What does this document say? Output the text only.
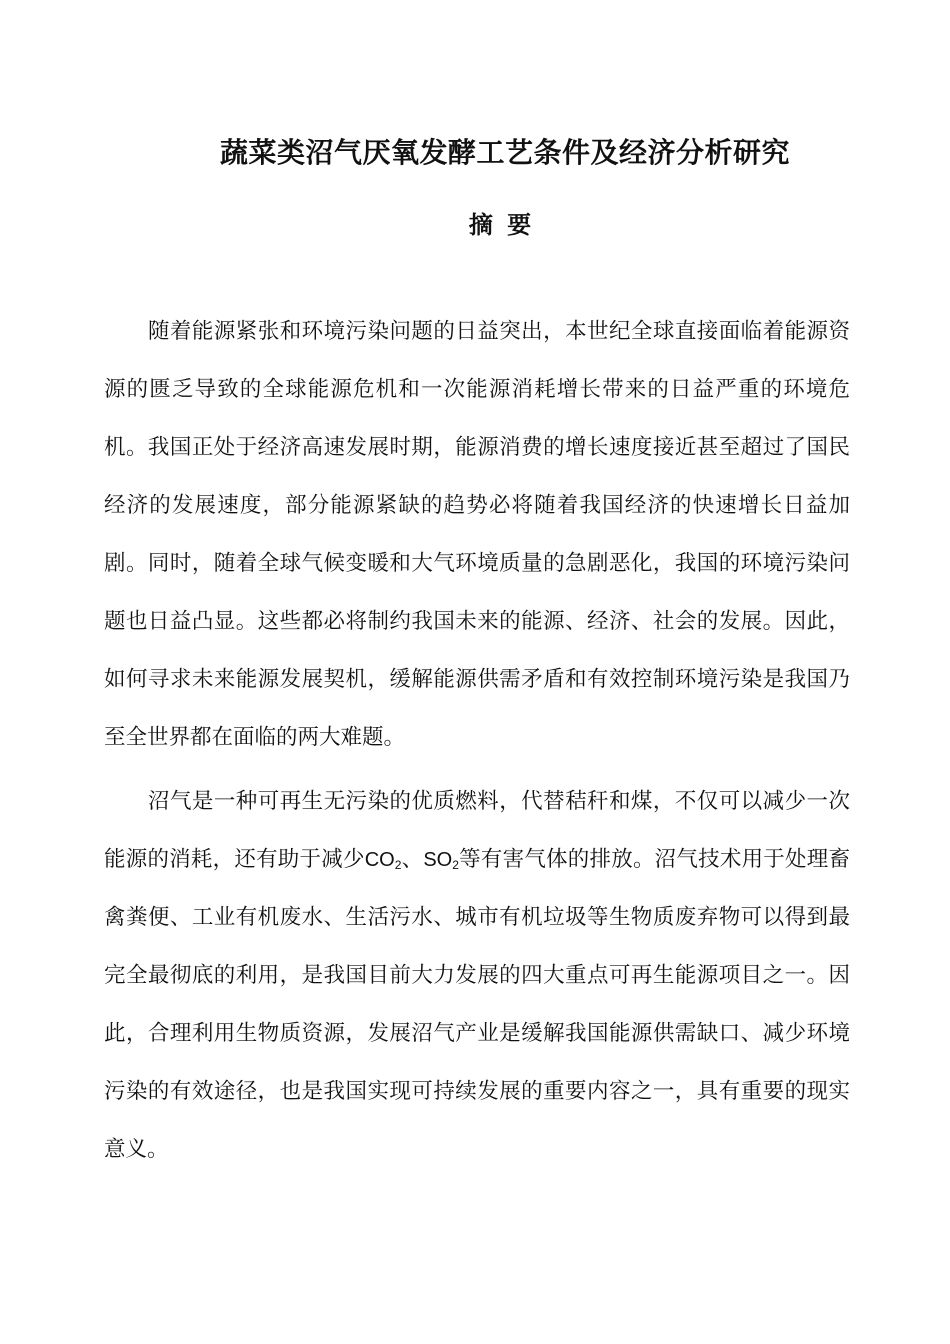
蔬菜类沼气厌氧发酵工艺条件及经济分析研究
摘 要

随着能源紧张和环境污染问题的日益突出，本世纪全球直接面临着能源资源的匮乏导致的全球能源危机和一次能源消耗增长带来的日益严重的环境危机。我国正处于经济高速发展时期，能源消费的增长速度接近甚至超过了国民经济的发展速度，部分能源紧缺的趋势必将随着我国经济的快速增长日益加剧。同时，随着全球气候变暖和大气环境质量的急剧恶化，我国的环境污染问题也日益凸显。这些都必将制约我国未来的能源、经济、社会的发展。因此，如何寻求未来能源发展契机，缓解能源供需矛盾和有效控制环境污染是我国乃至全世界都在面临的两大难题。

沼气是一种可再生无污染的优质燃料，代替秸秆和煤，不仅可以减少一次能源的消耗，还有助于减少$CO_2$、$SO_2$等有害气体的排放。沼气技术用于处理畜禽粪便、工业有机废水、生活污水、城市有机垃圾等生物质废弃物可以得到最完全最彻底的利用，是我国目前大力发展的四大重点可再生能源项目之一。因此，合理利用生物质资源，发展沼气产业是缓解我国能源供需缺口、减少环境污染的有效途径，也是我国实现可持续发展的重要内容之一，具有重要的现实意义。
